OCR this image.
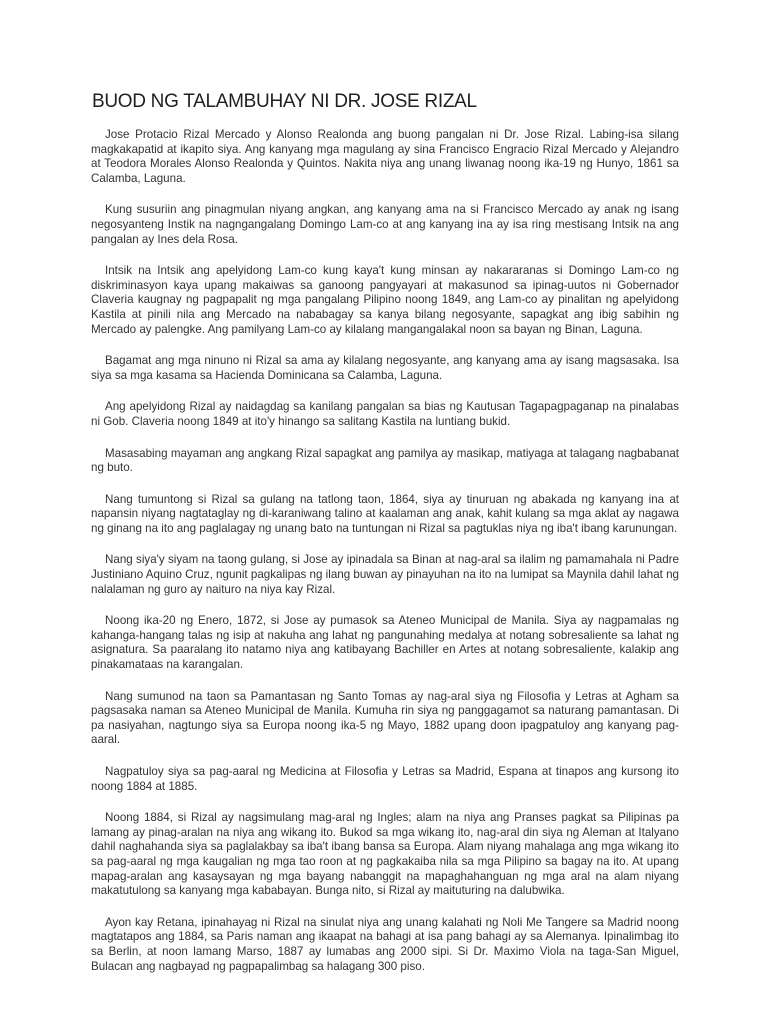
BUOD NG TALAMBUHAY NI DR. JOSE RIZAL

Jose Protacio Rizal Mercado y Alonso Realonda ang buong pangalan ni Dr. Jose Rizal. Labing-isa silang magkakapatid at ikapito siya. Ang kanyang mga magulang ay sina Francisco Engracio Rizal Mercado y Alejandro at Teodora Morales Alonso Realonda y Quintos. Nakita niya ang unang liwanag noong ika-19 ng Hunyo, 1861 sa Calamba, Laguna.

Kung susuriin ang pinagmulan niyang angkan, ang kanyang ama na si Francisco Mercado ay anak ng isang negosyanteng Instik na nagngangalang Domingo Lam-co at ang kanyang ina ay isa ring mestisang Intsik na ang pangalan ay Ines dela Rosa.

Intsik na Intsik ang apelyidong Lam-co kung kaya't kung minsan ay nakararanas si Domingo Lam-co ng diskriminasyon kaya upang makaiwas sa ganoong pangyayari at makasunod sa ipinag-uutos ni Gobernador Claveria kaugnay ng pagpapalit ng mga pangalang Pilipino noong 1849, ang Lam-co ay pinalitan ng apelyidong Kastila at pinili nila ang Mercado na nababagay sa kanya bilang negosyante, sapagkat ang ibig sabihin ng Mercado ay palengke. Ang pamilyang Lam-co ay kilalang mangangalakal noon sa bayan ng Binan, Laguna.

Bagamat ang mga ninuno ni Rizal sa ama ay kilalang negosyante, ang kanyang ama ay isang magsasaka. Isa siya sa mga kasama sa Hacienda Dominicana sa Calamba, Laguna.

Ang apelyidong Rizal ay naidagdag sa kanilang pangalan sa bias ng Kautusan Tagapagpaganap na pinalabas ni Gob. Claveria noong 1849 at ito'y hinango sa salitang Kastila na luntiang bukid.

Masasabing mayaman ang angkang Rizal sapagkat ang pamilya ay masikap, matiyaga at talagang nagbabanat ng buto.

Nang tumuntong si Rizal sa gulang na tatlong taon, 1864, siya ay tinuruan ng abakada ng kanyang ina at napansin niyang nagtataglay ng di-karaniwang talino at kaalaman ang anak, kahit kulang sa mga aklat ay nagawa ng ginang na ito ang paglalagay ng unang bato na tuntungan ni Rizal sa pagtuklas niya ng iba't ibang karunungan.

Nang siya'y siyam na taong gulang, si Jose ay ipinadala sa Binan at nag-aral sa ilalim ng pamamahala ni Padre Justiniano Aquino Cruz, ngunit pagkalipas ng ilang buwan ay pinayuhan na ito na lumipat sa Maynila dahil lahat ng nalalaman ng guro ay naituro na niya kay Rizal.

Noong ika-20 ng Enero, 1872, si Jose ay pumasok sa Ateneo Municipal de Manila. Siya ay nagpamalas ng kahanga-hangang talas ng isip at nakuha ang lahat ng pangunahing medalya at notang sobresaliente sa lahat ng asignatura. Sa paaralang ito natamo niya ang katibayang Bachiller en Artes at notang sobresaliente, kalakip ang pinakamataas na karangalan.

Nang sumunod na taon sa Pamantasan ng Santo Tomas ay nag-aral siya ng Filosofia y Letras at Agham sa pagsasaka naman sa Ateneo Municipal de Manila. Kumuha rin siya ng panggagamot sa naturang pamantasan. Di pa nasiyahan, nagtungo siya sa Europa noong ika-5 ng Mayo, 1882 upang doon ipagpatuloy ang kanyang pag-aaral.

Nagpatuloy siya sa pag-aaral ng Medicina at Filosofia y Letras sa Madrid, Espana at tinapos ang kursong ito noong 1884 at 1885.

Noong 1884, si Rizal ay nagsimulang mag-aral ng Ingles; alam na niya ang Pranses pagkat sa Pilipinas pa lamang ay pinag-aralan na niya ang wikang ito. Bukod sa mga wikang ito, nag-aral din siya ng Aleman at Italyano dahil naghahanda siya sa paglalakbay sa iba't ibang bansa sa Europa. Alam niyang mahalaga ang mga wikang ito sa pag-aaral ng mga kaugalian ng mga tao roon at ng pagkakaiba nila sa mga Pilipino sa bagay na ito. At upang mapag-aralan ang kasaysayan ng mga bayang nabanggit na mapaghahanguan ng mga aral na alam niyang makatutulong sa kanyang mga kababayan. Bunga nito, si Rizal ay maituturing na dalubwika.

Ayon kay Retana, ipinahayag ni Rizal na sinulat niya ang unang kalahati ng Noli Me Tangere sa Madrid noong magtatapos ang 1884, sa Paris naman ang ikaapat na bahagi at isa pang bahagi ay sa Alemanya. Ipinalimbag ito sa Berlin, at noon lamang Marso, 1887 ay lumabas ang 2000 sipi. Si Dr. Maximo Viola na taga-San Miguel, Bulacan ang nagbayad ng pagpapalimbag sa halagang 300 piso.
